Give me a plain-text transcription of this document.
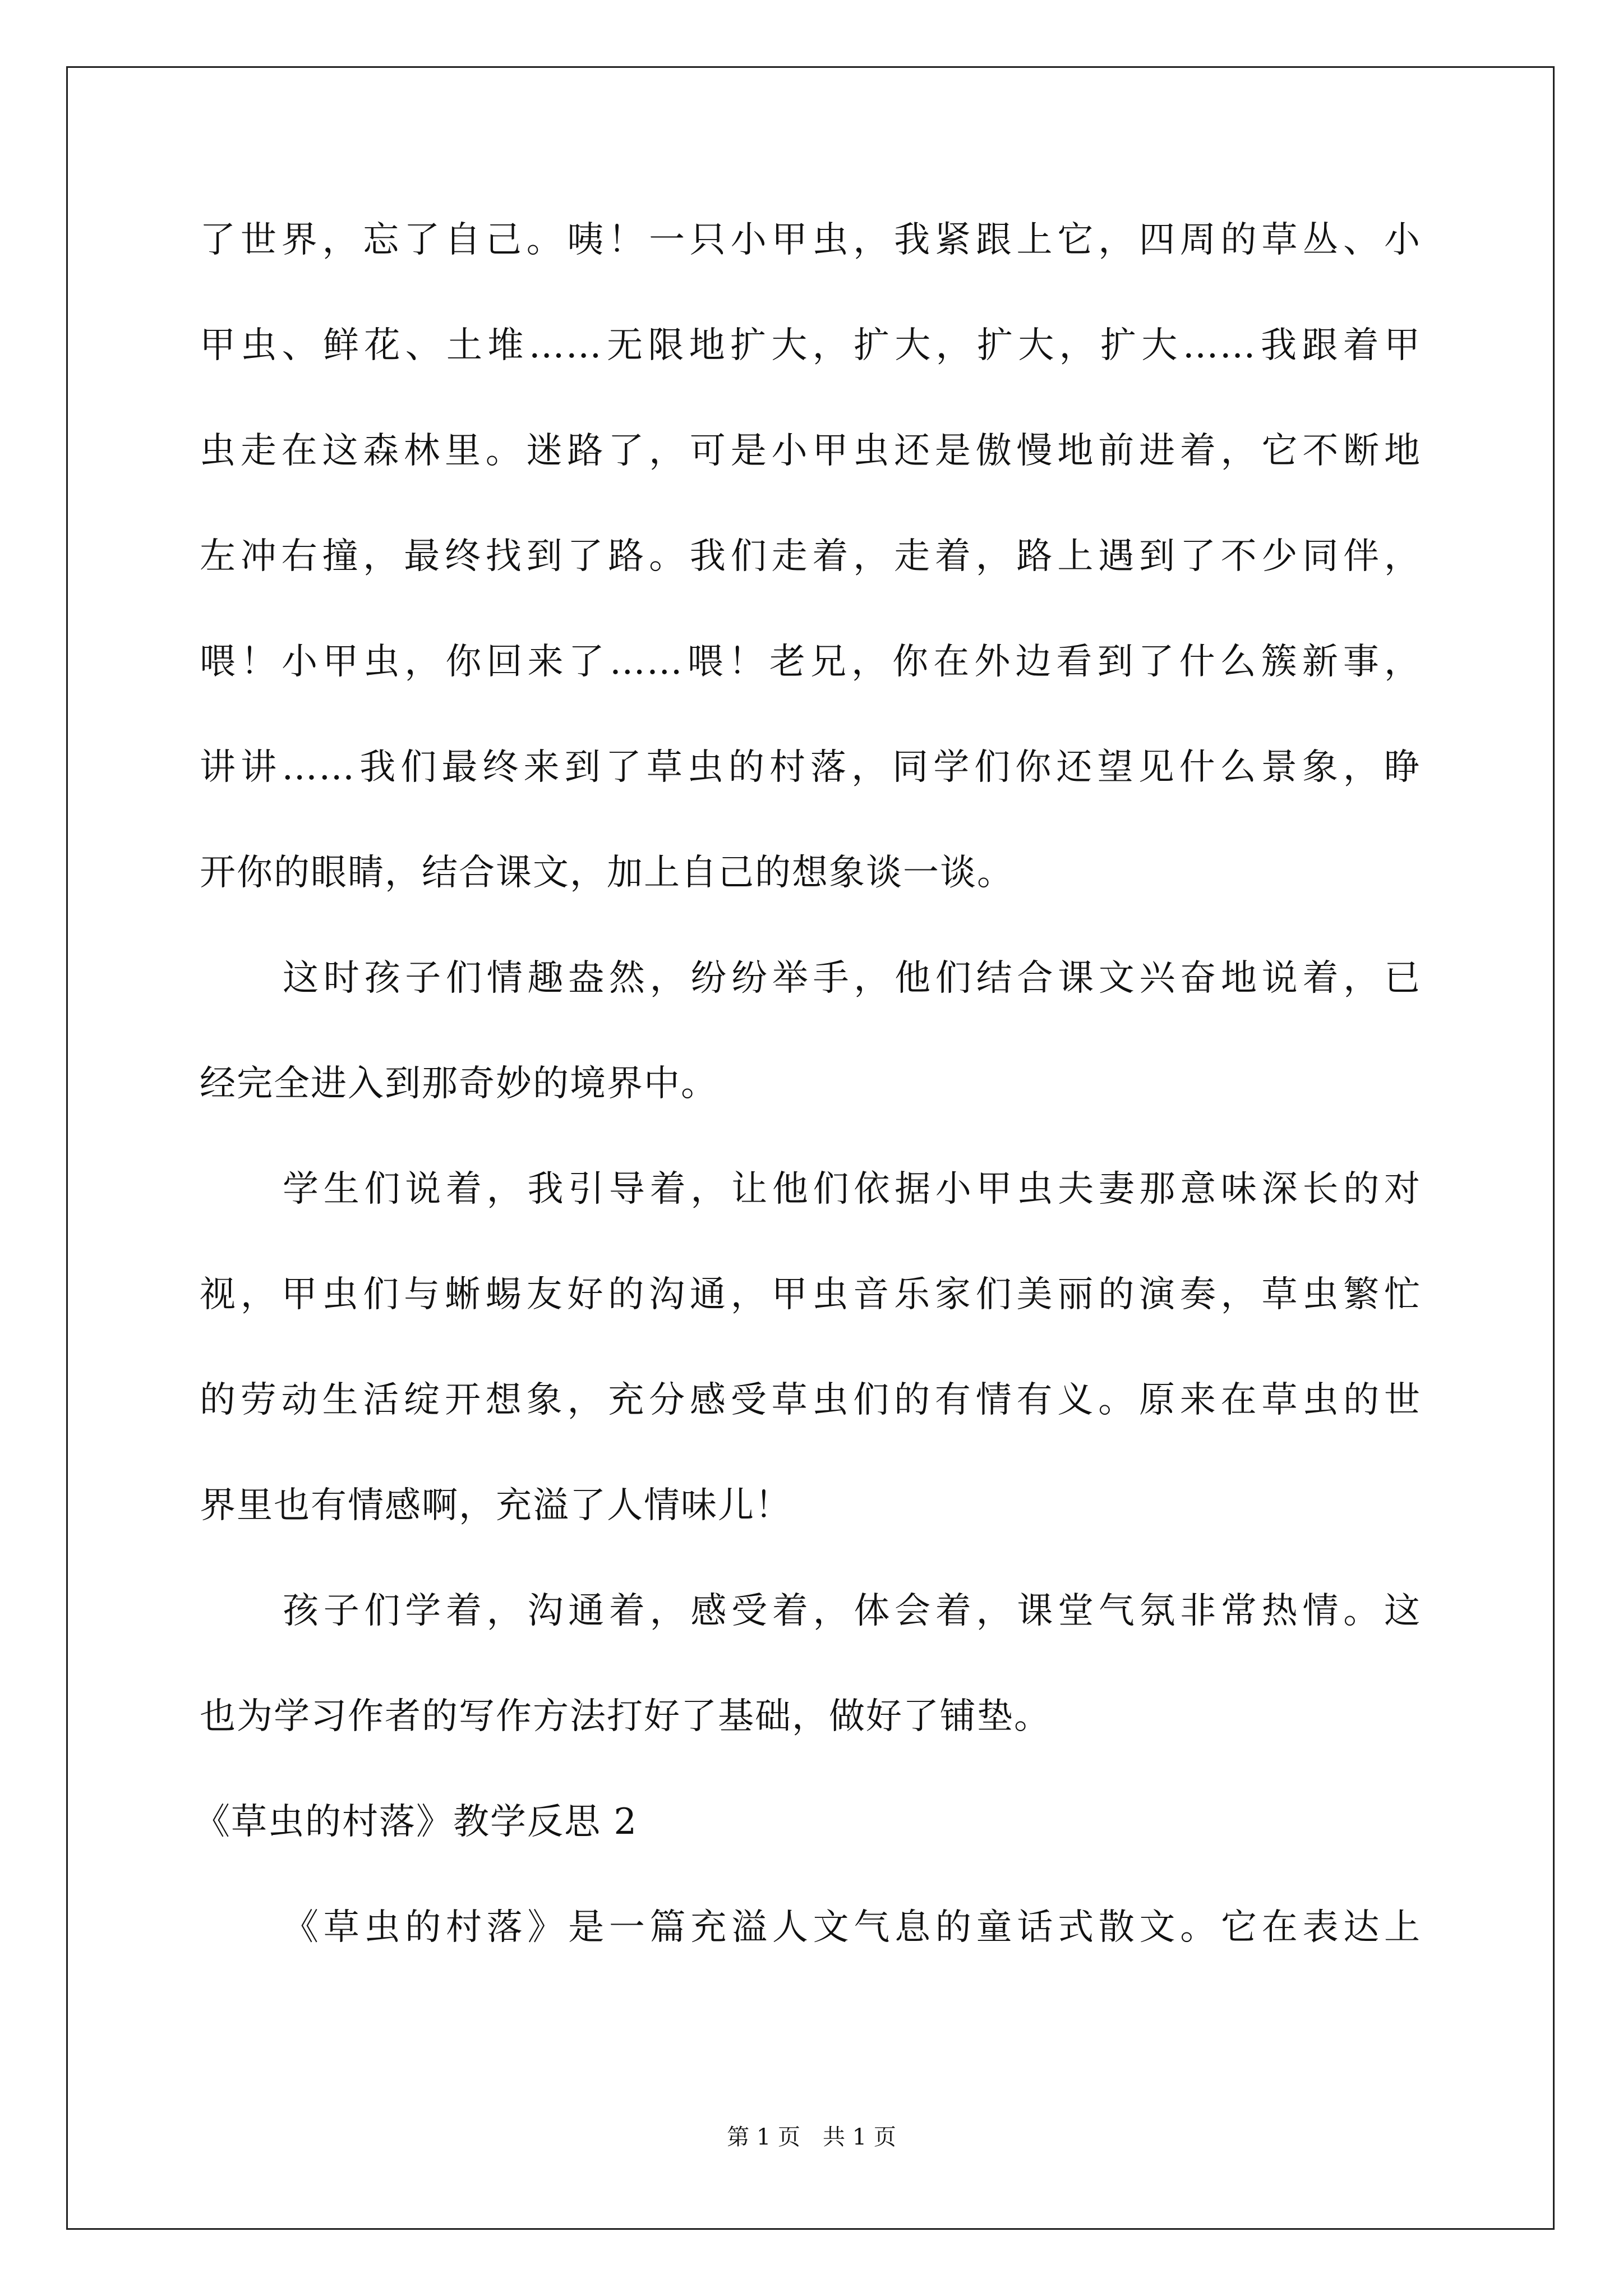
了世界，忘了自己。咦！一只小甲虫，我紧跟上它，四周的草丛、小
甲虫、鲜花、土堆……无限地扩大，扩大，扩大，扩大……我跟着甲
虫走在这森林里。迷路了，可是小甲虫还是傲慢地前进着，它不断地
左冲右撞，最终找到了路。我们走着，走着，路上遇到了不少同伴，
喂！小甲虫，你回来了……喂！老兄，你在外边看到了什么簇新事，
讲讲……我们最终来到了草虫的村落，同学们你还望见什么景象，睁
开你的眼睛，结合课文，加上自己的想象谈一谈。
这时孩子们情趣盎然，纷纷举手，他们结合课文兴奋地说着，已
经完全进入到那奇妙的境界中。
学生们说着，我引导着，让他们依据小甲虫夫妻那意味深长的对
视，甲虫们与蜥蜴友好的沟通，甲虫音乐家们美丽的演奏，草虫繁忙
的劳动生活绽开想象，充分感受草虫们的有情有义。原来在草虫的世
界里也有情感啊，充溢了人情味儿！
孩子们学着，沟通着，感受着，体会着，课堂气氛非常热情。这
也为学习作者的写作方法打好了基础，做好了铺垫。
《草虫的村落》教学反思 2
《草虫的村落》是一篇充溢人文气息的童话式散文。它在表达上
第 1 页 共 1 页
